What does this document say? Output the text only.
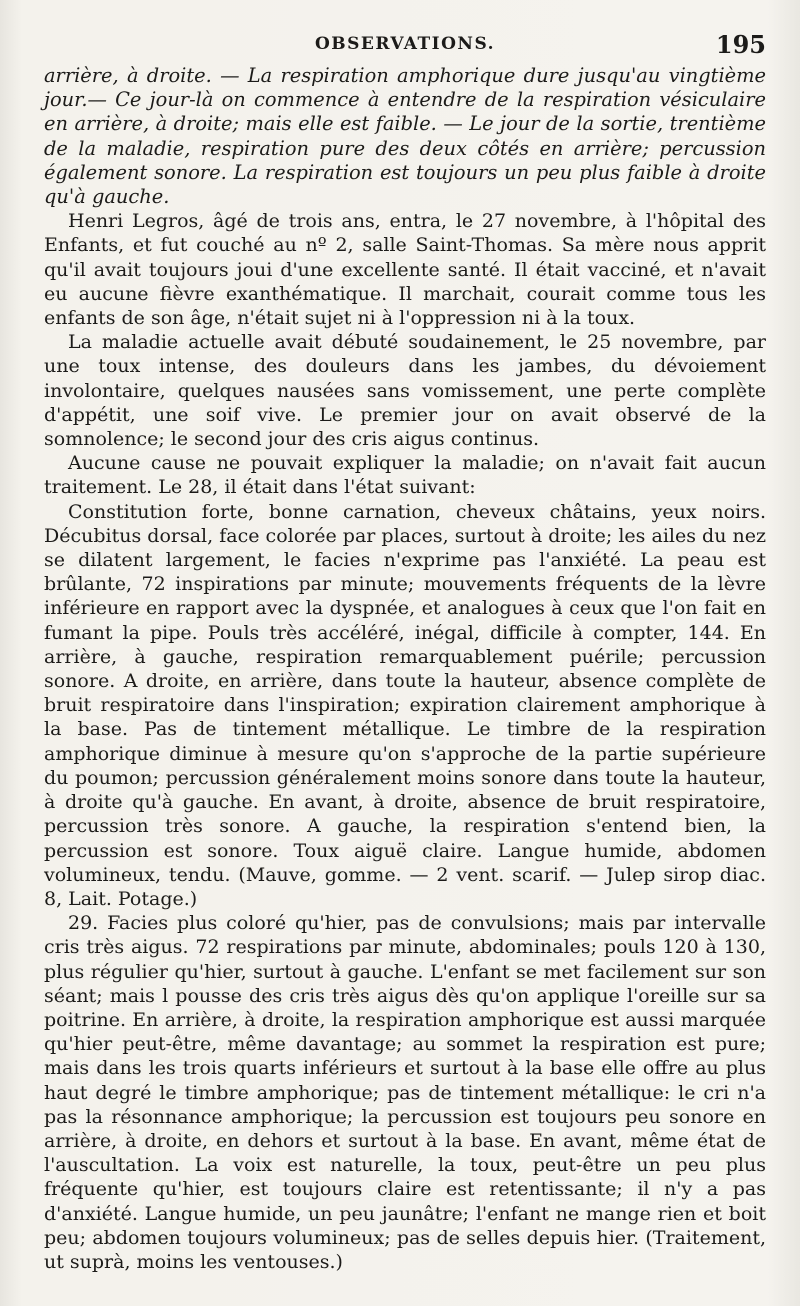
OBSERVATIONS.	195

arrière, à droite. — La respiration amphorique dure jusqu'au vingtième jour.— Ce jour-là on commence à entendre de la respiration vésiculaire en arrière, à droite; mais elle est faible. — Le jour de la sortie, trentième de la maladie, respiration pure des deux côtés en arrière; percussion également sonore. La respiration est toujours un peu plus faible à droite qu'à gauche.

Henri Legros, âgé de trois ans, entra, le 27 novembre, à l'hôpital des Enfants, et fut couché au nº 2, salle Saint-Thomas. Sa mère nous apprit qu'il avait toujours joui d'une excellente santé. Il était vacciné, et n'avait eu aucune fièvre exanthématique. Il marchait, courait comme tous les enfants de son âge, n'était sujet ni à l'oppression ni à la toux.

La maladie actuelle avait débuté soudainement, le 25 novembre, par une toux intense, des douleurs dans les jambes, du dévoiement involontaire, quelques nausées sans vomissement, une perte complète d'appétit, une soif vive. Le premier jour on avait observé de la somnolence; le second jour des cris aigus continus.

Aucune cause ne pouvait expliquer la maladie; on n'avait fait aucun traitement. Le 28, il était dans l'état suivant:

Constitution forte, bonne carnation, cheveux châtains, yeux noirs. Décubitus dorsal, face colorée par places, surtout à droite; les ailes du nez se dilatent largement, le facies n'exprime pas l'anxiété. La peau est brûlante, 72 inspirations par minute; mouvements fréquents de la lèvre inférieure en rapport avec la dyspnée, et analogues à ceux que l'on fait en fumant la pipe. Pouls très accéléré, inégal, difficile à compter, 144. En arrière, à gauche, respiration remarquablement puérile; percussion sonore. A droite, en arrière, dans toute la hauteur, absence complète de bruit respiratoire dans l'inspiration; expiration clairement amphorique à la base. Pas de tintement métallique. Le timbre de la respiration amphorique diminue à mesure qu'on s'approche de la partie supérieure du poumon; percussion généralement moins sonore dans toute la hauteur, à droite qu'à gauche. En avant, à droite, absence de bruit respiratoire, percussion très sonore. A gauche, la respiration s'entend bien, la percussion est sonore. Toux aiguë claire. Langue humide, abdomen volumineux, tendu. (Mauve, gomme. — 2 vent. scarif. — Julep sirop diac. 8, Lait. Potage.)

29. Facies plus coloré qu'hier, pas de convulsions; mais par intervalle cris très aigus. 72 respirations par minute, abdominales; pouls 120 à 130, plus régulier qu'hier, surtout à gauche. L'enfant se met facilement sur son séant; mais l pousse des cris très aigus dès qu'on applique l'oreille sur sa poitrine. En arrière, à droite, la respiration amphorique est aussi marquée qu'hier peut-être, même davantage; au sommet la respiration est pure; mais dans les trois quarts inférieurs et surtout à la base elle offre au plus haut degré le timbre amphorique; pas de tintement métallique: le cri n'a pas la résonnance amphorique; la percussion est toujours peu sonore en arrière, à droite, en dehors et surtout à la base. En avant, même état de l'auscultation. La voix est naturelle, la toux, peut-être un peu plus fréquente qu'hier, est toujours claire est retentissante; il n'y a pas d'anxiété. Langue humide, un peu jaunâtre; l'enfant ne mange rien et boit peu; abdomen toujours volumineux; pas de selles depuis hier. (Traitement, ut suprà, moins les ventouses.)
